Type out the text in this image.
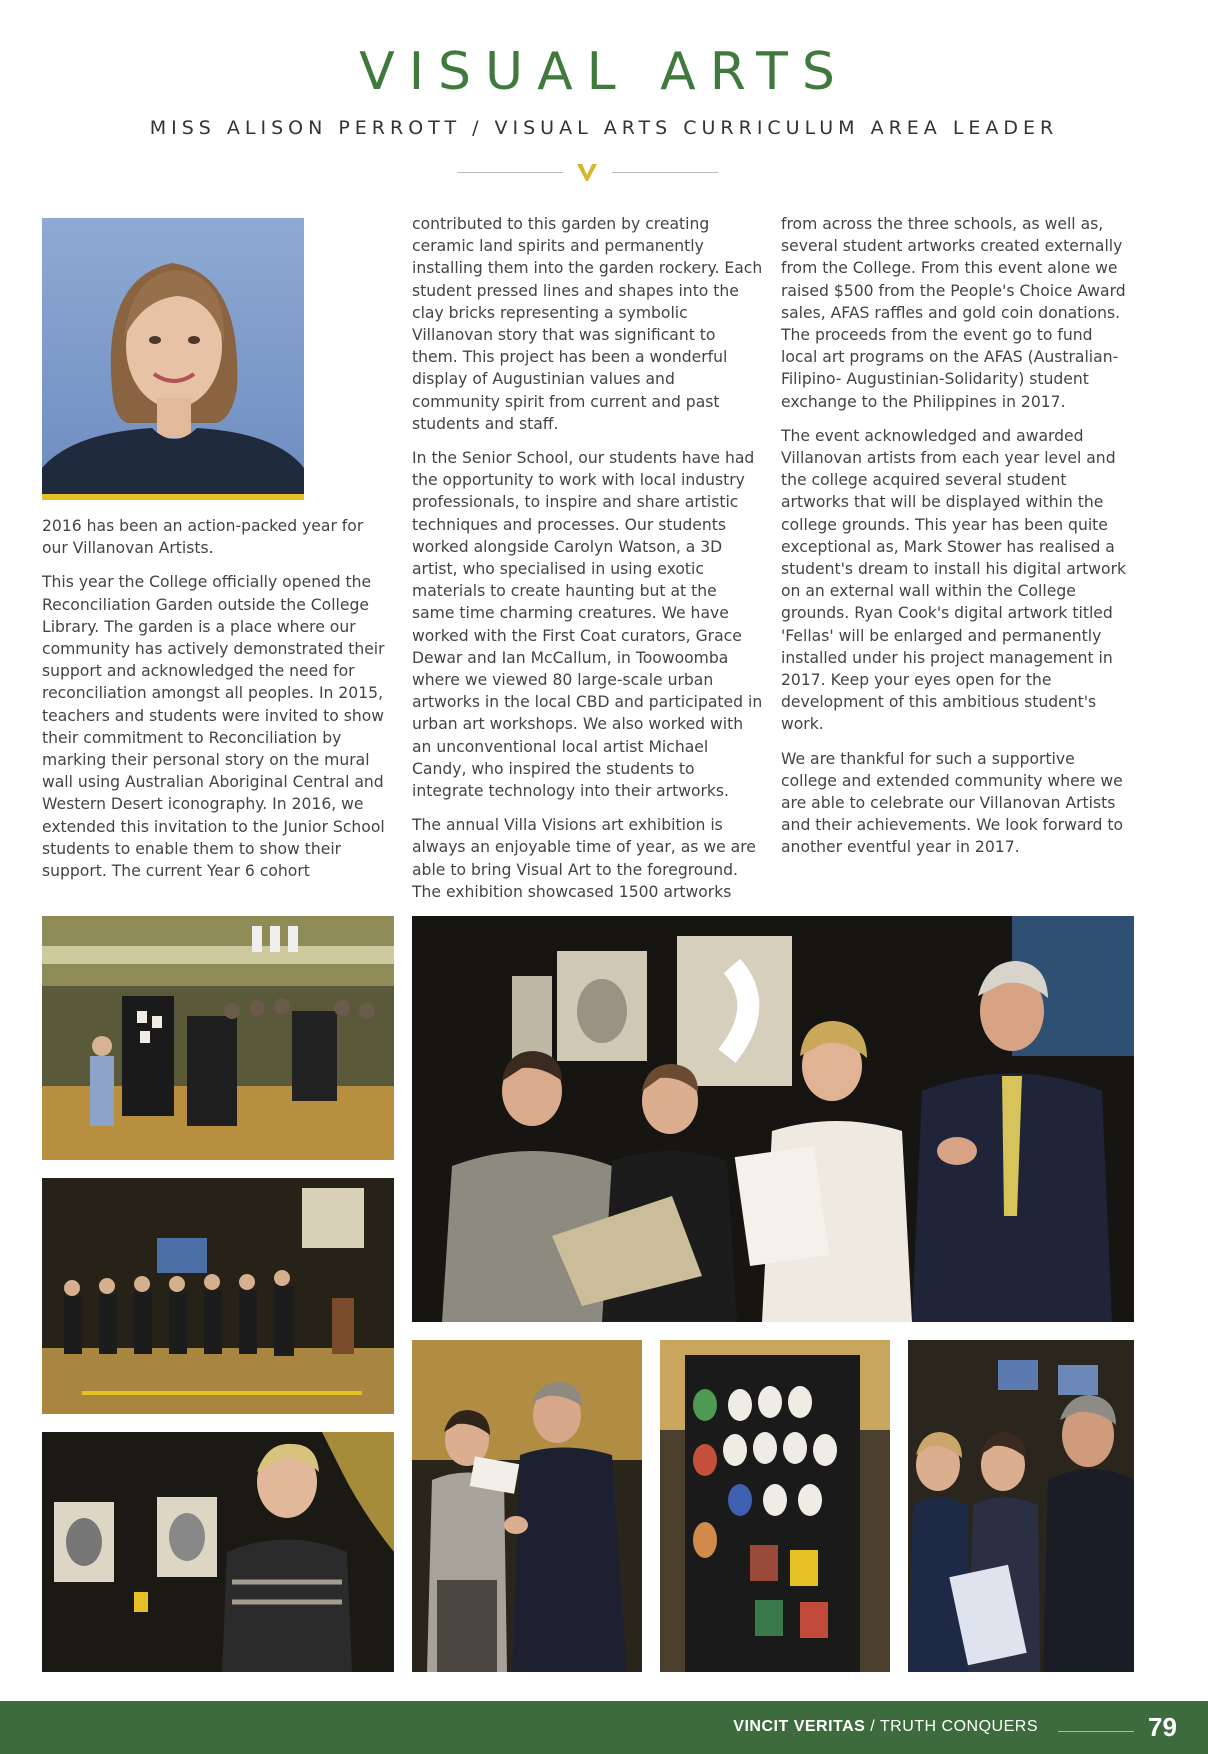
VISUAL ARTS
MISS ALISON PERROTT / VISUAL ARTS CURRICULUM AREA LEADER

2016 has been an action-packed year for our Villanovan Artists.

This year the College officially opened the Reconciliation Garden outside the College Library. The garden is a place where our community has actively demonstrated their support and acknowledged the need for reconciliation amongst all peoples. In 2015, teachers and students were invited to show their commitment to Reconciliation by marking their personal story on the mural wall using Australian Aboriginal Central and Western Desert iconography. In 2016, we extended this invitation to the Junior School students to enable them to show their support. The current Year 6 cohort

contributed to this garden by creating ceramic land spirits and permanently installing them into the garden rockery. Each student pressed lines and shapes into the clay bricks representing a symbolic Villanovan story that was significant to them. This project has been a wonderful display of Augustinian values and community spirit from current and past students and staff.

In the Senior School, our students have had the opportunity to work with local industry professionals, to inspire and share artistic techniques and processes. Our students worked alongside Carolyn Watson, a 3D artist, who specialised in using exotic materials to create haunting but at the same time charming creatures. We have worked with the First Coat curators, Grace Dewar and Ian McCallum, in Toowoomba where we viewed 80 large-scale urban artworks in the local CBD and participated in urban art workshops. We also worked with an unconventional local artist Michael Candy, who inspired the students to integrate technology into their artworks.

The annual Villa Visions art exhibition is always an enjoyable time of year, as we are able to bring Visual Art to the foreground. The exhibition showcased 1500 artworks

from across the three schools, as well as, several student artworks created externally from the College. From this event alone we raised $500 from the People's Choice Award sales, AFAS raffles and gold coin donations. The proceeds from the event go to fund local art programs on the AFAS (Australian-Filipino- Augustinian-Solidarity) student exchange to the Philippines in 2017.

The event acknowledged and awarded Villanovan artists from each year level and the college acquired several student artworks that will be displayed within the college grounds. This year has been quite exceptional as, Mark Stower has realised a student's dream to install his digital artwork on an external wall within the College grounds. Ryan Cook's digital artwork titled 'Fellas' will be enlarged and permanently installed under his project management in 2017. Keep your eyes open for the development of this ambitious student's work.

We are thankful for such a supportive college and extended community where we are able to celebrate our Villanovan Artists and their achievements. We look forward to another eventful year in 2017.

VINCIT VERITAS / TRUTH CONQUERS	79
